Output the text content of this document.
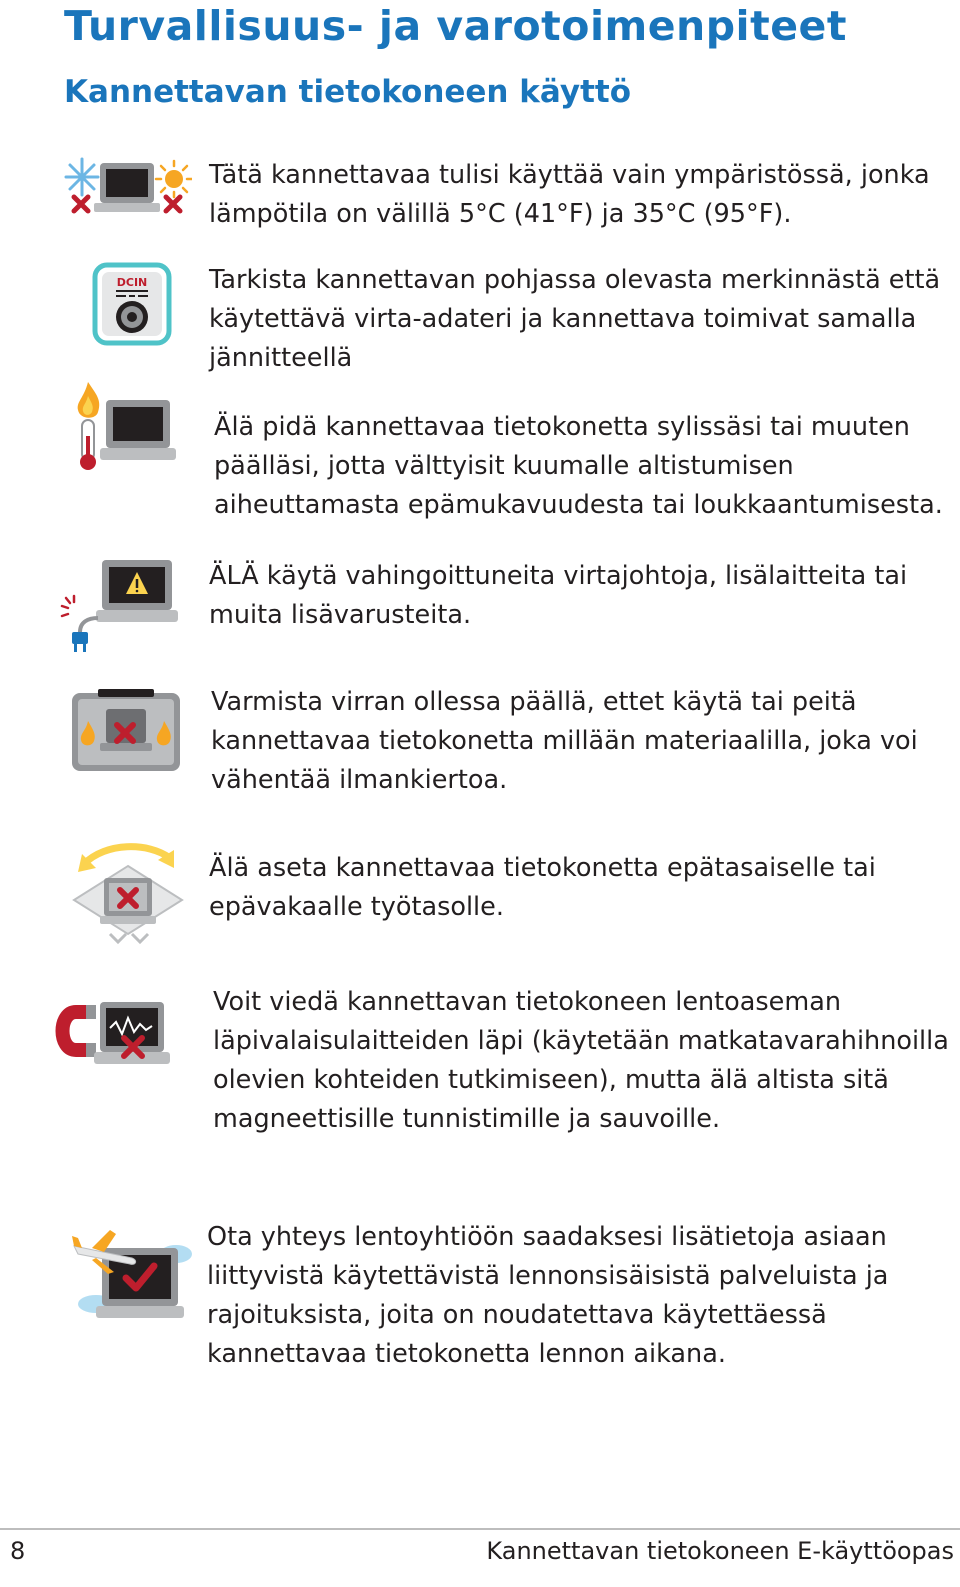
Turvallisuus- ja varotoimenpiteet
Kannettavan tietokoneen käyttö

Tätä kannettavaa tulisi käyttää vain ympäristössä, jonka lämpötila on välillä 5°C (41°F) ja 35°C (95°F).

DCIN Tarkista kannettavan pohjassa olevasta merkinnästä että käytettävä virta-adateri ja kannettava toimivat samalla jännitteellä

Älä pidä kannettavaa tietokonetta sylissäsi tai muuten päälläsi, jotta välttyisit kuumalle altistumisen aiheuttamasta epämukavuudesta tai loukkaantumisesta.

ÄLÄ käytä vahingoittuneita virtajohtoja, lisälaitteita tai muita lisävarusteita.

Varmista virran ollessa päällä, ettet käytä tai peitä kannettavaa tietokonetta millään materiaalilla, joka voi vähentää ilmankiertoa.

Älä aseta kannettavaa tietokonetta epätasaiselle tai epävakaalle työtasolle.

Voit viedä kannettavan tietokoneen lentoaseman läpivalaisulaitteiden läpi (käytetään matkatavarahihnoilla olevien kohteiden tutkimiseen), mutta älä altista sitä magneettisille tunnistimille ja sauvoille.

Ota yhteys lentoyhtiöön saadaksesi lisätietoja asiaan liittyvistä käytettävistä lennonsisäisistä palveluista ja rajoituksista, joita on noudatettava käytettäessä kannettavaa tietokonetta lennon aikana.

8	Kannettavan tietokoneen E-käyttöopas
